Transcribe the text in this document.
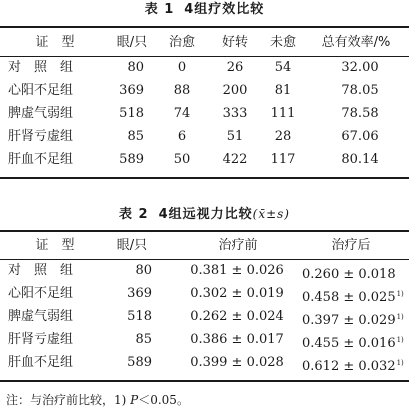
表 1 4组疗效比较
证　型	眼/只	治愈	好转	未愈	总有效率/%
对　照　组	80	0	26	54	32.00
心阳不足组	369	88	200	81	78.05
脾虚气弱组	518	74	333	111	78.58
肝肾亏虚组	85	6	51	28	67.06
肝血不足组	589	50	422	117	80.14
表 2 4组远视力比较(x̄±s)
证　型	眼/只	治疗前	治疗后
对　照　组	80	0.381 ± 0.026	0.260 ± 0.018
心阳不足组	369	0.302 ± 0.019	$0.458 \pm 0.025^{1)}$
脾虚气弱组	518	0.262 ± 0.024	$0.397 \pm 0.029^{1)}$
肝肾亏虚组	85	0.386 ± 0.017	$0.455 \pm 0.016^{1)}$
肝血不足组	589	0.399 ± 0.028	$0.612 \pm 0.032^{1)}$
注：与治疗前比较，1) P＜0.05。
